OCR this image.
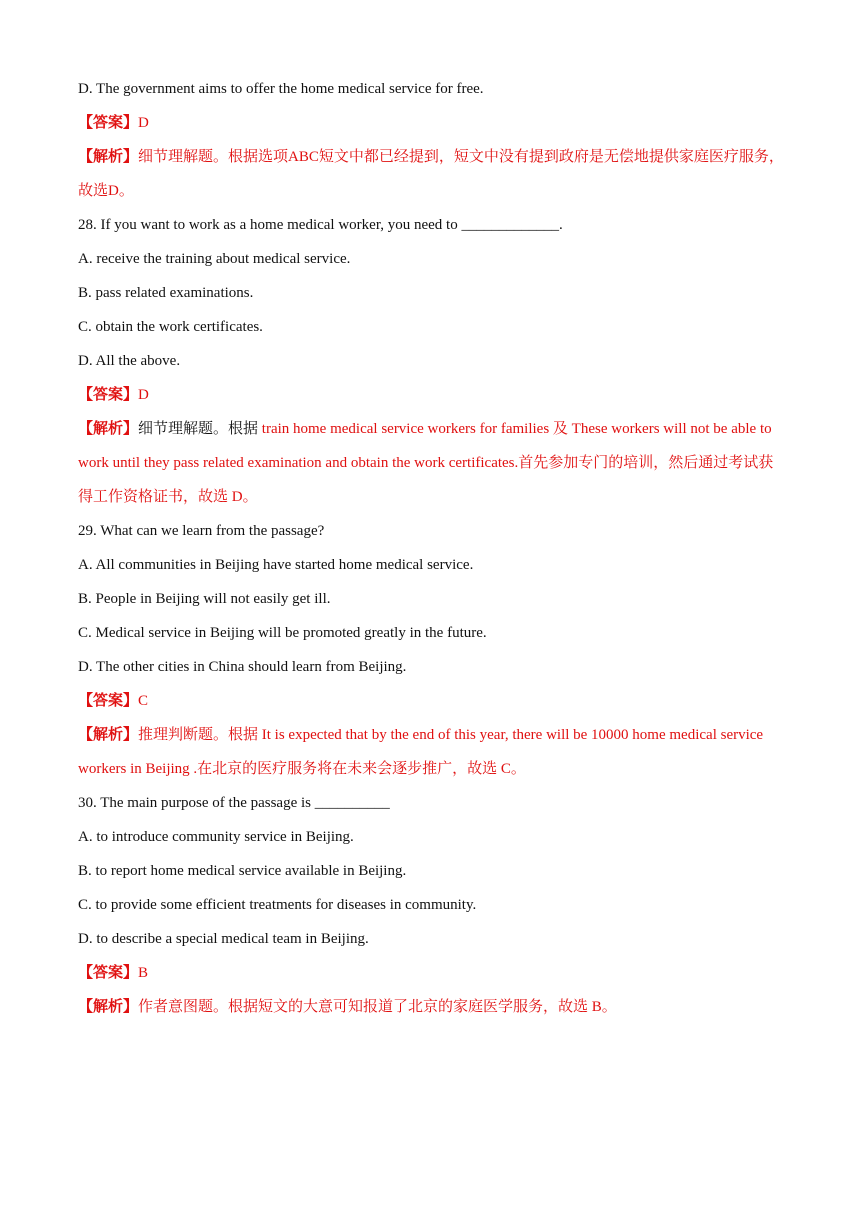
D. The government aims to offer the home medical service for free.

【答案】D

【解析】细节理解题。根据选项ABC短文中都已经提到，短文中没有提到政府是无偿地提供家庭医疗服务，故选D。

28. If you want to work as a home medical worker, you need to _____________.

A. receive the training about medical service.

B. pass related examinations.

C. obtain the work certificates.

D. All the above.

【答案】D

【解析】细节理解题。根据 train home medical service workers for families 及 These workers will not be able to work until they pass related examination and obtain the work certificates.首先参加专门的培训，然后通过考试获得工作资格证书，故选 D。

29. What can we learn from the passage?

A. All communities in Beijing have started home medical service.

B. People in Beijing will not easily get ill.

C. Medical service in Beijing will be promoted greatly in the future.

D. The other cities in China should learn from Beijing.

【答案】C

【解析】推理判断题。根据 It is expected that by the end of this year, there will be 10000 home medical service workers in Beijing .在北京的医疗服务将在未来会逐步推广，故选 C。

30. The main purpose of the passage is __________

A. to introduce community service in Beijing.

B. to report home medical service available in Beijing.

C. to provide some efficient treatments for diseases in community.

D. to describe a special medical team in Beijing.

【答案】B

【解析】作者意图题。根据短文的大意可知报道了北京的家庭医学服务，故选 B。
